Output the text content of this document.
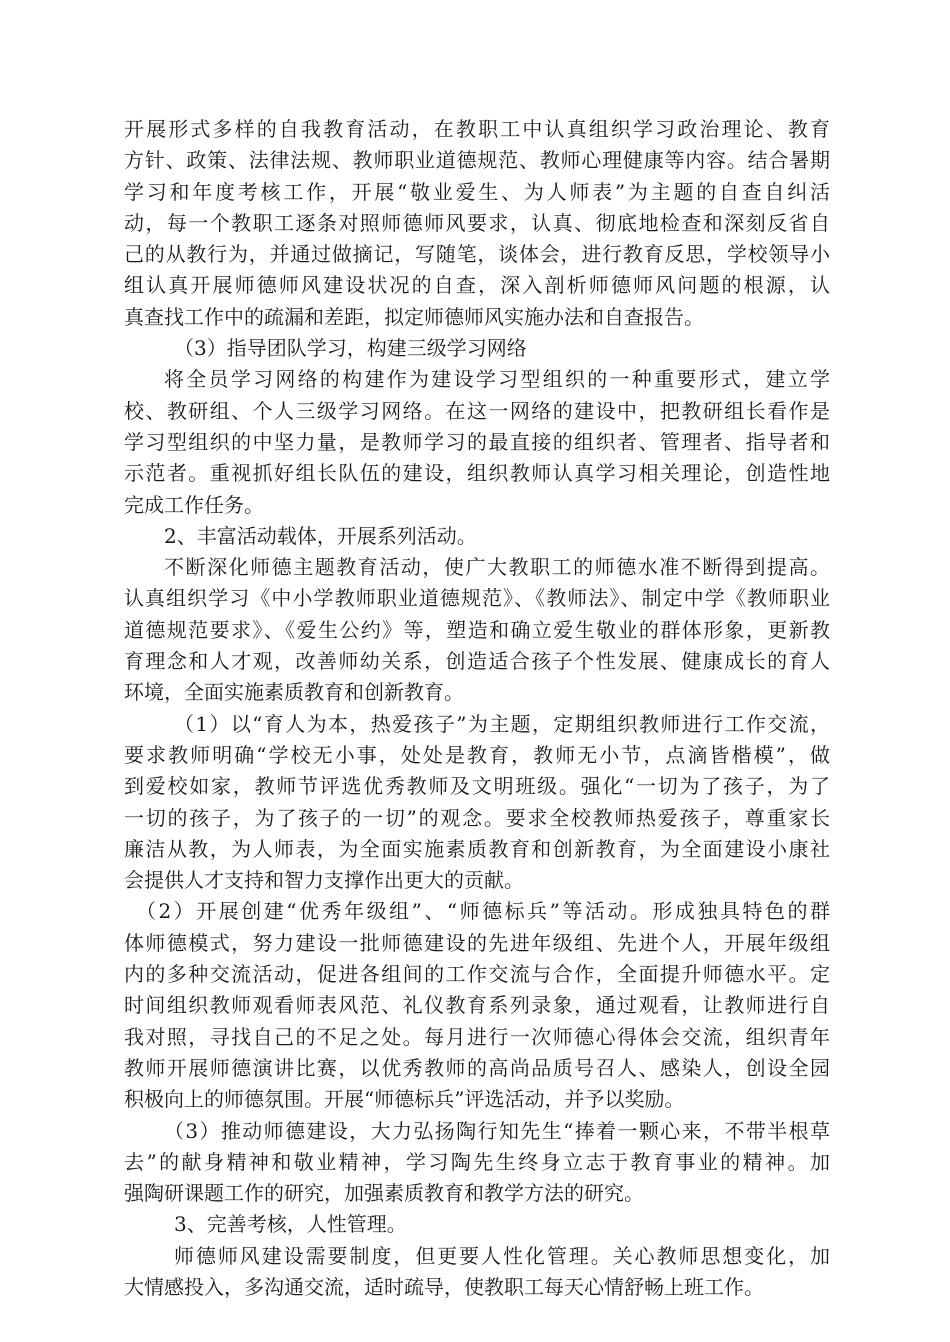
开展形式多样的自我教育活动，在教职工中认真组织学习政治理论、教育
方针、政策、法律法规、教师职业道德规范、教师心理健康等内容。结合暑期
学习和年度考核工作，开展“敬业爱生、为人师表”为主题的自查自纠活
动，每一个教职工逐条对照师德师风要求，认真、彻底地检查和深刻反省自
己的从教行为，并通过做摘记，写随笔，谈体会，进行教育反思，学校领导小
组认真开展师德师风建设状况的自查，深入剖析师德师风问题的根源，认
真查找工作中的疏漏和差距，拟定师德师风实施办法和自查报告。
（3）指导团队学习，构建三级学习网络
将全员学习网络的构建作为建设学习型组织的一种重要形式，建立学
校、教研组、个人三级学习网络。在这一网络的建设中，把教研组长看作是
学习型组织的中坚力量，是教师学习的最直接的组织者、管理者、指导者和
示范者。重视抓好组长队伍的建设，组织教师认真学习相关理论，创造性地
完成工作任务。
2、丰富活动载体，开展系列活动。
不断深化师德主题教育活动，使广大教职工的师德水准不断得到提高。
认真组织学习《中小学教师职业道德规范》、《教师法》、制定中学《教师职业
道德规范要求》、《爱生公约》等，塑造和确立爱生敬业的群体形象，更新教
育理念和人才观，改善师幼关系，创造适合孩子个性发展、健康成长的育人
环境，全面实施素质教育和创新教育。
（1）以“育人为本，热爱孩子”为主题，定期组织教师进行工作交流，
要求教师明确“学校无小事，处处是教育，教师无小节，点滴皆楷模”，做
到爱校如家，教师节评选优秀教师及文明班级。强化“一切为了孩子，为了
一切的孩子，为了孩子的一切”的观念。要求全校教师热爱孩子，尊重家长
廉洁从教，为人师表，为全面实施素质教育和创新教育，为全面建设小康社
会提供人才支持和智力支撑作出更大的贡献。
（2）开展创建“优秀年级组”、“师德标兵”等活动。形成独具特色的群
体师德模式，努力建设一批师德建设的先进年级组、先进个人，开展年级组
内的多种交流活动，促进各组间的工作交流与合作，全面提升师德水平。定
时间组织教师观看师表风范、礼仪教育系列录象，通过观看，让教师进行自
我对照，寻找自己的不足之处。每月进行一次师德心得体会交流，组织青年
教师开展师德演讲比赛，以优秀教师的高尚品质号召人、感染人，创设全园
积极向上的师德氛围。开展“师德标兵”评选活动，并予以奖励。
（3）推动师德建设，大力弘扬陶行知先生“捧着一颗心来，不带半根草
去”的献身精神和敬业精神，学习陶先生终身立志于教育事业的精神。加
强陶研课题工作的研究，加强素质教育和教学方法的研究。
3、完善考核，人性管理。
师德师风建设需要制度，但更要人性化管理。关心教师思想变化，加
大情感投入，多沟通交流，适时疏导，使教职工每天心情舒畅上班工作。
